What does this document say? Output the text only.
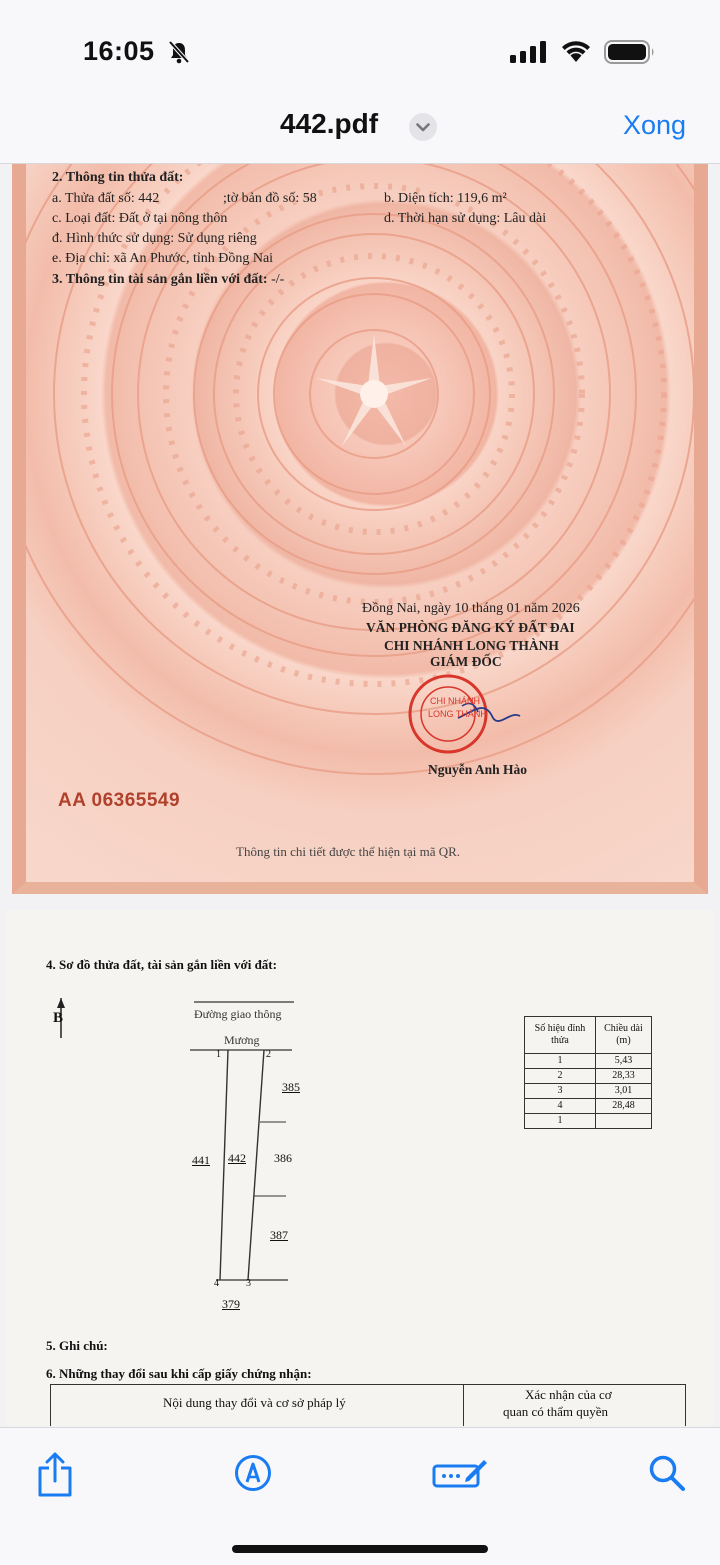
16:05
442.pdf	Xong
2. Thông tin thửa đất:
a. Thửa đất số: 442	;tờ bản đồ số: 58	b. Diện tích: 119,6 m²
c. Loại đất: Đất ở tại nông thôn	d. Thời hạn sử dụng: Lâu dài
đ. Hình thức sử dụng: Sử dụng riêng
e. Địa chỉ: xã An Phước, tỉnh Đồng Nai
3. Thông tin tài sản gắn liền với đất: -/-
Đồng Nai, ngày 10 tháng 01 năm 2026
VĂN PHÒNG ĐĂNG KÝ ĐẤT ĐAI
CHI NHÁNH LONG THÀNH
GIÁM ĐỐC
CHI NHÁNH
LONG THÀNH
Nguyễn Anh Hào
AA 06365549
Thông tin chi tiết được thể hiện tại mã QR.
4. Sơ đồ thửa đất, tài sản gắn liền với đất:
B	Đường giao thông
Mương
1	2
4	3
385
386
387
441 442
379
Số hiệu đỉnh thửa	Chiều dài (m)
1	5,43
2	28,33
3	3,01
4	28,48
1	
5. Ghi chú:
6. Những thay đổi sau khi cấp giấy chứng nhận:
Nội dung thay đổi và cơ sở pháp lý
Xác nhận của cơ
quan có thẩm quyền
